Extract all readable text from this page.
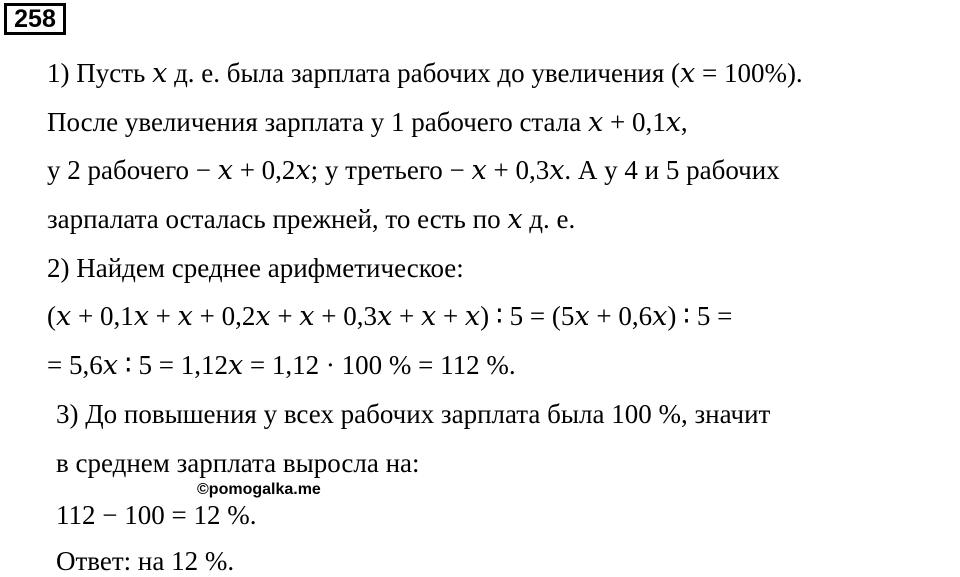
258
1) Пусть 𝑥 д. е. была зарплата рабочих до увеличения (𝑥 = 100%).
После увеличения зарплата у 1 рабочего стала 𝑥 + 0,1𝑥,
у 2 рабочего − 𝑥 + 0,2𝑥; у третьего − 𝑥 + 0,3𝑥. А у 4 и 5 рабочих
зарпалата осталась прежней, то есть по 𝑥 д. е.
2) Найдем среднее арифметическое:
(𝑥 + 0,1𝑥 + 𝑥 + 0,2𝑥 + 𝑥 + 0,3𝑥 + 𝑥 + 𝑥) ∶ 5 = (5𝑥 + 0,6𝑥) ∶ 5 =
= 5,6𝑥 ∶ 5 = 1,12𝑥 = 1,12 · 100 % = 112 %.
3) До повышения у всех рабочих зарплата была 100 %, значит
в среднем зарплата выросла на:
112 − 100 = 12 %.
Ответ: на 12 %.
©pomogalka.me
